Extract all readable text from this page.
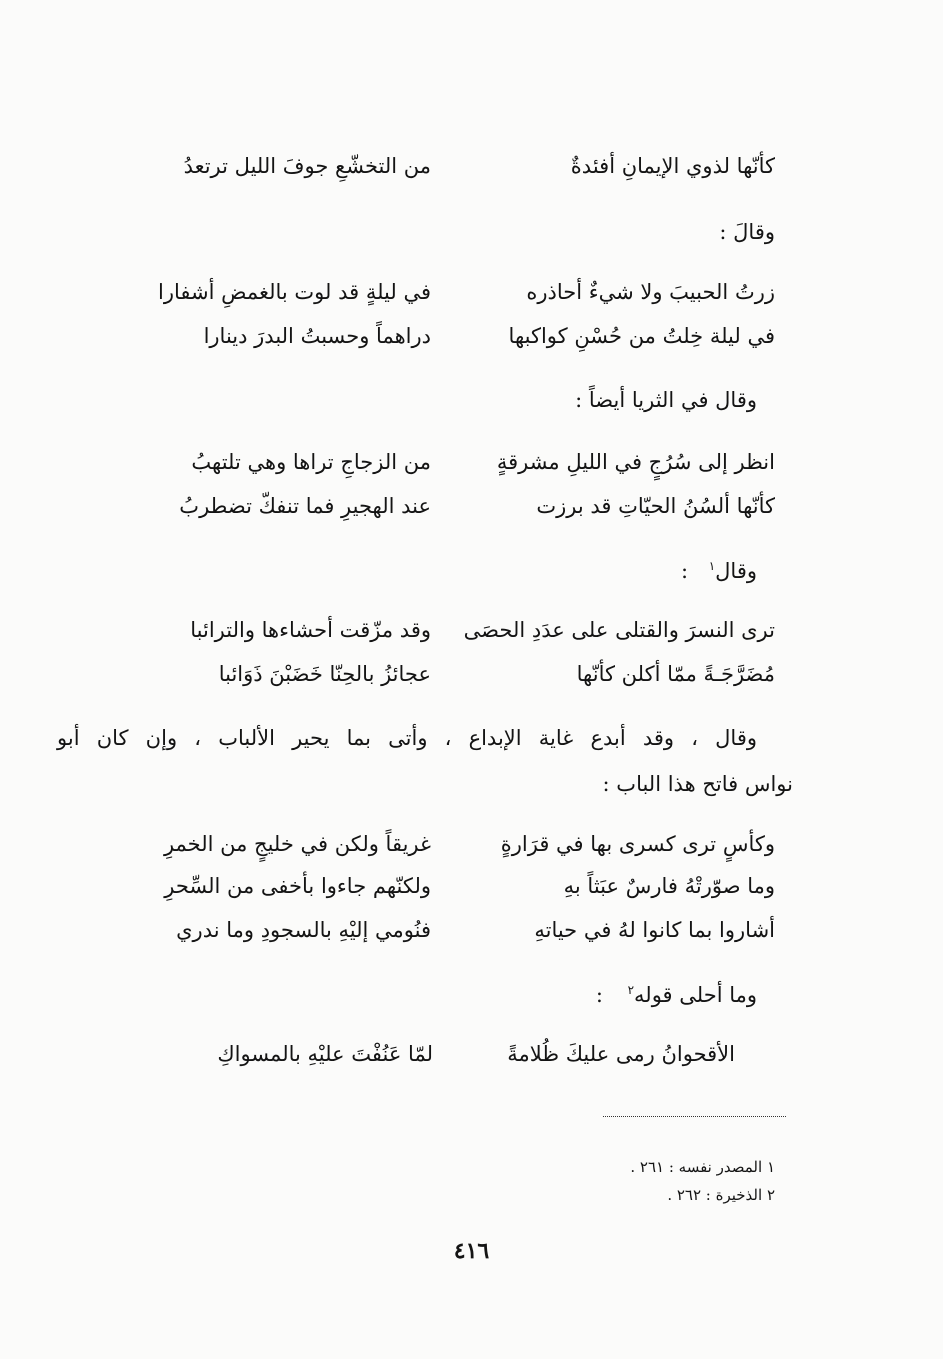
كأنّها لذوي الإيمانِ أفئدةٌ
من التخشّعِ جوفَ الليل ترتعدُ
وقالَ :
زرتُ الحبيبَ ولا شيءٌ أحاذره
في ليلةٍ قد لوت بالغمضِ أشفارا
في ليلة خِلتُ من حُسْنِ كواكبها
دراهماً وحسبتُ البدرَ دينارا
وقال في الثريا أيضاً :
انظر إلى سُرُجٍ في الليلِ مشرقةٍ
من الزجاجِ تراها وهي تلتهبُ
كأنّها ألسُنُ الحيّاتِ قد برزت
عند الهجيرِ فما تنفكّ تضطربُ
وقال$^١$ :
ترى النسرَ والقتلى على عدَدِ الحصَى
وقد مزّقت أحشاءها والترائبا
مُضَرَّجَـةً ممّا أكلن كأنّها
عجائزُ بالحِنّا خَضَبْنَ ذَوَائبا
وقال ، وقد أبدع غاية الإبداع ، وأتى بما يحير الألباب ، وإن كان أبو
نواس فاتح هذا الباب :
وكأسٍ ترى كسرى بها في قرَارةٍ
غريقاً ولكن في خليجٍ من الخمرِ
وما صوّرتْهُ فارسٌ عبَثاً بهِ
ولكنّهم جاءوا بأخفى من السِّحرِ
أشاروا بما كانوا لهُ في حياتهِ
فنُومي إليْهِ بالسجودِ وما ندري
وما أحلى قوله$^٢$ :
الأقحوانُ رمى عليكَ ظُلامةً
لمّا عَنُفْتَ عليْهِ بالمسواكِ
١ المصدر نفسه : ٢٦١ .
٢ الذخيرة : ٢٦٢ .
٤١٦
